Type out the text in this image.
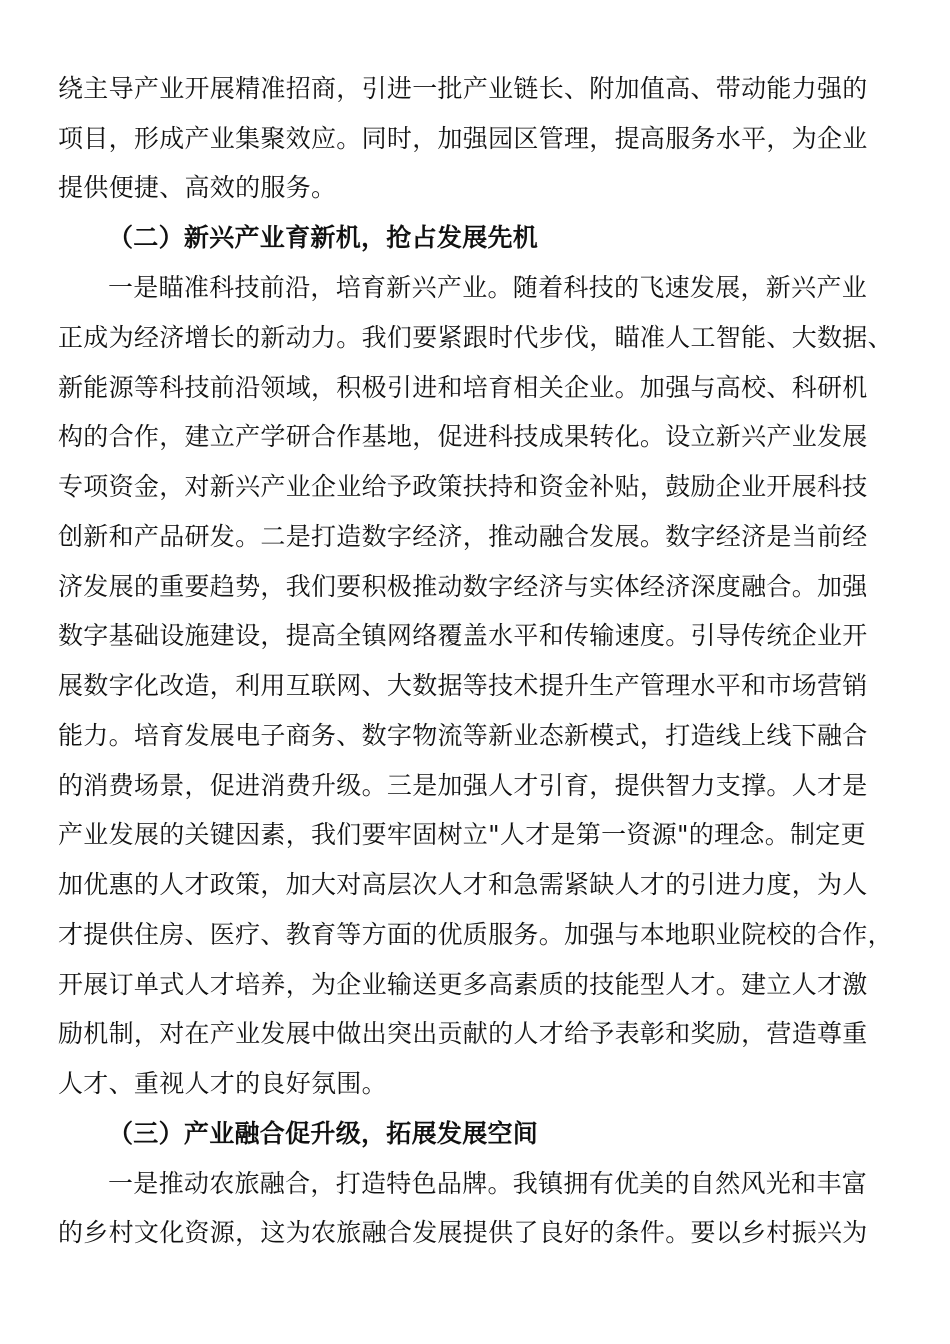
绕主导产业开展精准招商，引进一批产业链长、附加值高、带动能力强的
项目，形成产业集聚效应。同时，加强园区管理，提高服务水平，为企业
提供便捷、高效的服务。
（二）新兴产业育新机，抢占发展先机
一是瞄准科技前沿，培育新兴产业。随着科技的飞速发展，新兴产业
正成为经济增长的新动力。我们要紧跟时代步伐，瞄准人工智能、大数据、
新能源等科技前沿领域，积极引进和培育相关企业。加强与高校、科研机
构的合作，建立产学研合作基地，促进科技成果转化。设立新兴产业发展
专项资金，对新兴产业企业给予政策扶持和资金补贴，鼓励企业开展科技
创新和产品研发。二是打造数字经济，推动融合发展。数字经济是当前经
济发展的重要趋势，我们要积极推动数字经济与实体经济深度融合。加强
数字基础设施建设，提高全镇网络覆盖水平和传输速度。引导传统企业开
展数字化改造，利用互联网、大数据等技术提升生产管理水平和市场营销
能力。培育发展电子商务、数字物流等新业态新模式，打造线上线下融合
的消费场景，促进消费升级。三是加强人才引育，提供智力支撑。人才是
产业发展的关键因素，我们要牢固树立"人才是第一资源"的理念。制定更
加优惠的人才政策，加大对高层次人才和急需紧缺人才的引进力度，为人
才提供住房、医疗、教育等方面的优质服务。加强与本地职业院校的合作，
开展订单式人才培养，为企业输送更多高素质的技能型人才。建立人才激
励机制，对在产业发展中做出突出贡献的人才给予表彰和奖励，营造尊重
人才、重视人才的良好氛围。
（三）产业融合促升级，拓展发展空间
一是推动农旅融合，打造特色品牌。我镇拥有优美的自然风光和丰富
的乡村文化资源，这为农旅融合发展提供了良好的条件。要以乡村振兴为
